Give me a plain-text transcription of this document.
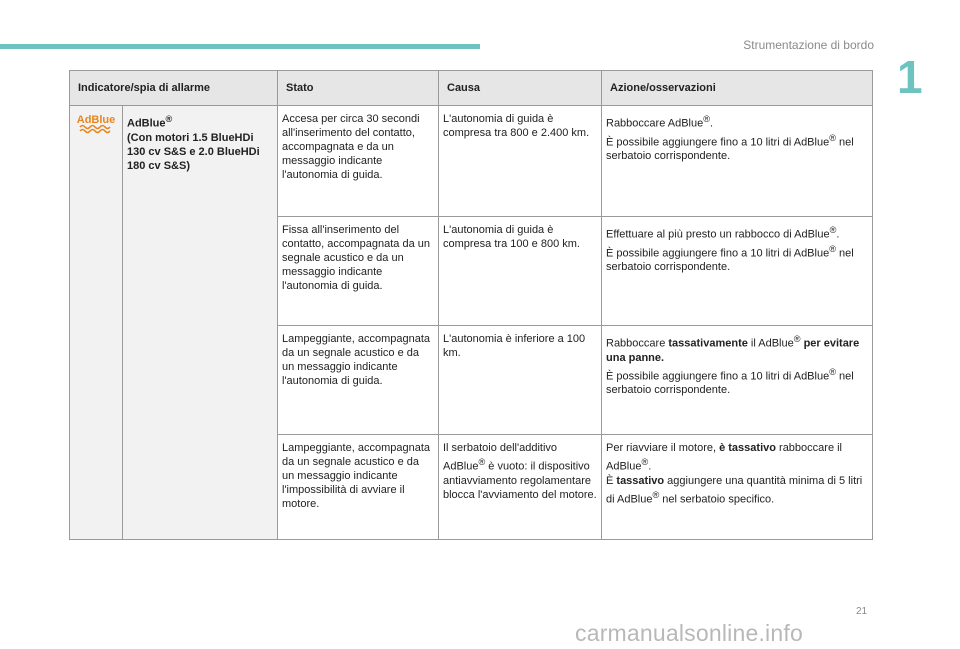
Strumentazione di bordo
1
Indicatore/spia di allarme		Stato	Causa	Azione/osservazioni

AdBlue	AdBlue®
(Con motori 1.5 BlueHDi 130 cv S&S e 2.0 BlueHDi 180 cv S&S)	Accesa per circa 30 secondi all'inserimento del contatto, accompagnata e da un messaggio indicante l'autonomia di guida.	L'autonomia di guida è compresa tra 800 e 2.400 km.	Rabboccare AdBlue®.
È possibile aggiungere fino a 10 litri di AdBlue® nel serbatoio corrispondente.
		Fissa all'inserimento del contatto, accompagnata da un segnale acustico e da un messaggio indicante l'autonomia di guida.	L'autonomia di guida è compresa tra 100 e 800 km.	Effettuare al più presto un rabbocco di AdBlue®.
È possibile aggiungere fino a 10 litri di AdBlue® nel serbatoio corrispondente.
		Lampeggiante, accompagnata da un segnale acustico e da un messaggio indicante l'autonomia di guida.	L'autonomia è inferiore a 100 km.	Rabboccare tassativamente il AdBlue® per evitare una panne.
È possibile aggiungere fino a 10 litri di AdBlue® nel serbatoio corrispondente.
		Lampeggiante, accompagnata da un segnale acustico e da un messaggio indicante l'impossibilità di avviare il motore.	Il serbatoio dell'additivo AdBlue® è vuoto: il dispositivo antiavviamento regolamentare blocca l'avviamento del motore.	Per riavviare il motore, è tassativo rabboccare il AdBlue®.
È tassativo aggiungere una quantità minima di 5 litri di AdBlue® nel serbatoio specifico.
21
carmanualsonline.info
